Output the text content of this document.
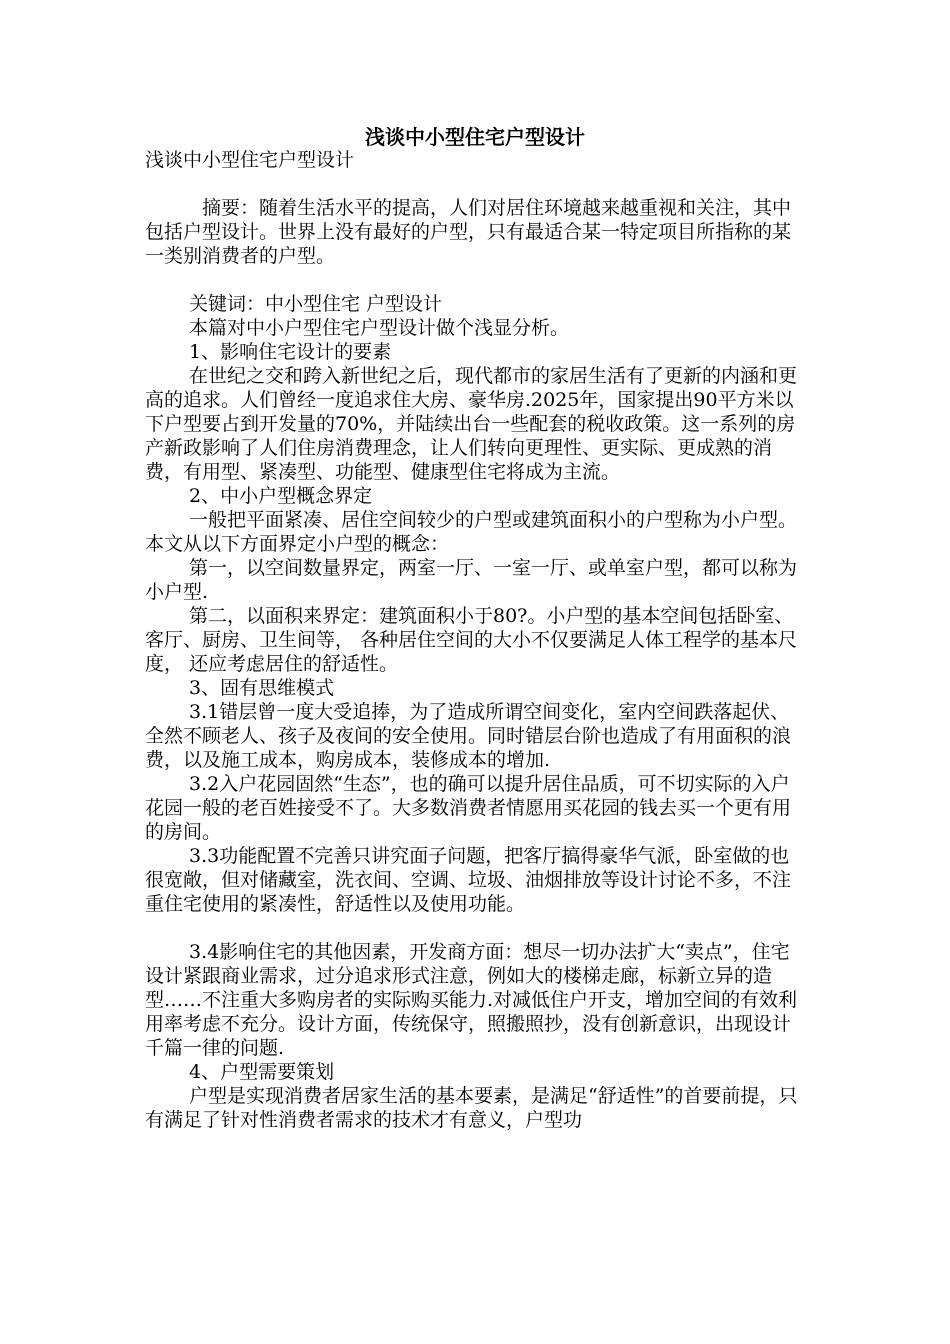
浅谈中小型住宅户型设计

浅谈中小型住宅户型设计

摘要：随着生活水平的提高，人们对居住环境越来越重视和关注，其中包括户型设计。世界上没有最好的户型，只有最适合某一特定项目所指称的某一类别消费者的户型。

关键词：中小型住宅 户型设计

本篇对中小户型住宅户型设计做个浅显分析。

1、影响住宅设计的要素

在世纪之交和跨入新世纪之后，现代都市的家居生活有了更新的内涵和更高的追求。人们曾经一度追求住大房、豪华房.2025年，国家提出90平方米以下户型要占到开发量的70%，并陆续出台一些配套的税收政策。这一系列的房产新政影响了人们住房消费理念，让人们转向更理性、更实际、更成熟的消费，有用型、紧凑型、功能型、健康型住宅将成为主流。

2、中小户型概念界定

一般把平面紧凑、居住空间较少的户型或建筑面积小的户型称为小户型。本文从以下方面界定小户型的概念：

第一，以空间数量界定，两室一厅、一室一厅、或单室户型，都可以称为小户型.

第二，以面积来界定：建筑面积小于80?。小户型的基本空间包括卧室、客厅、厨房、卫生间等， 各种居住空间的大小不仅要满足人体工程学的基本尺度， 还应考虑居住的舒适性。

3、固有思维模式

3.1错层曾一度大受追捧，为了造成所谓空间变化，室内空间跌落起伏、全然不顾老人、孩子及夜间的安全使用。同时错层台阶也造成了有用面积的浪费，以及施工成本，购房成本，装修成本的增加.

3.2入户花园固然“生态”，也的确可以提升居住品质，可不切实际的入户花园一般的老百姓接受不了。大多数消费者情愿用买花园的钱去买一个更有用的房间。

3.3功能配置不完善只讲究面子问题，把客厅搞得豪华气派，卧室做的也很宽敞，但对储藏室，洗衣间、空调、垃圾、油烟排放等设计讨论不多，不注重住宅使用的紧凑性，舒适性以及使用功能。

3.4影响住宅的其他因素，开发商方面：想尽一切办法扩大“卖点”，住宅设计紧跟商业需求，过分追求形式注意，例如大的楼梯走廊，标新立异的造型……不注重大多购房者的实际购买能力.对减低住户开支，增加空间的有效利用率考虑不充分。设计方面，传统保守，照搬照抄，没有创新意识，出现设计千篇一律的问题.

4、户型需要策划

户型是实现消费者居家生活的基本要素，是满足“舒适性”的首要前提，只有满足了针对性消费者需求的技术才有意义，户型功
